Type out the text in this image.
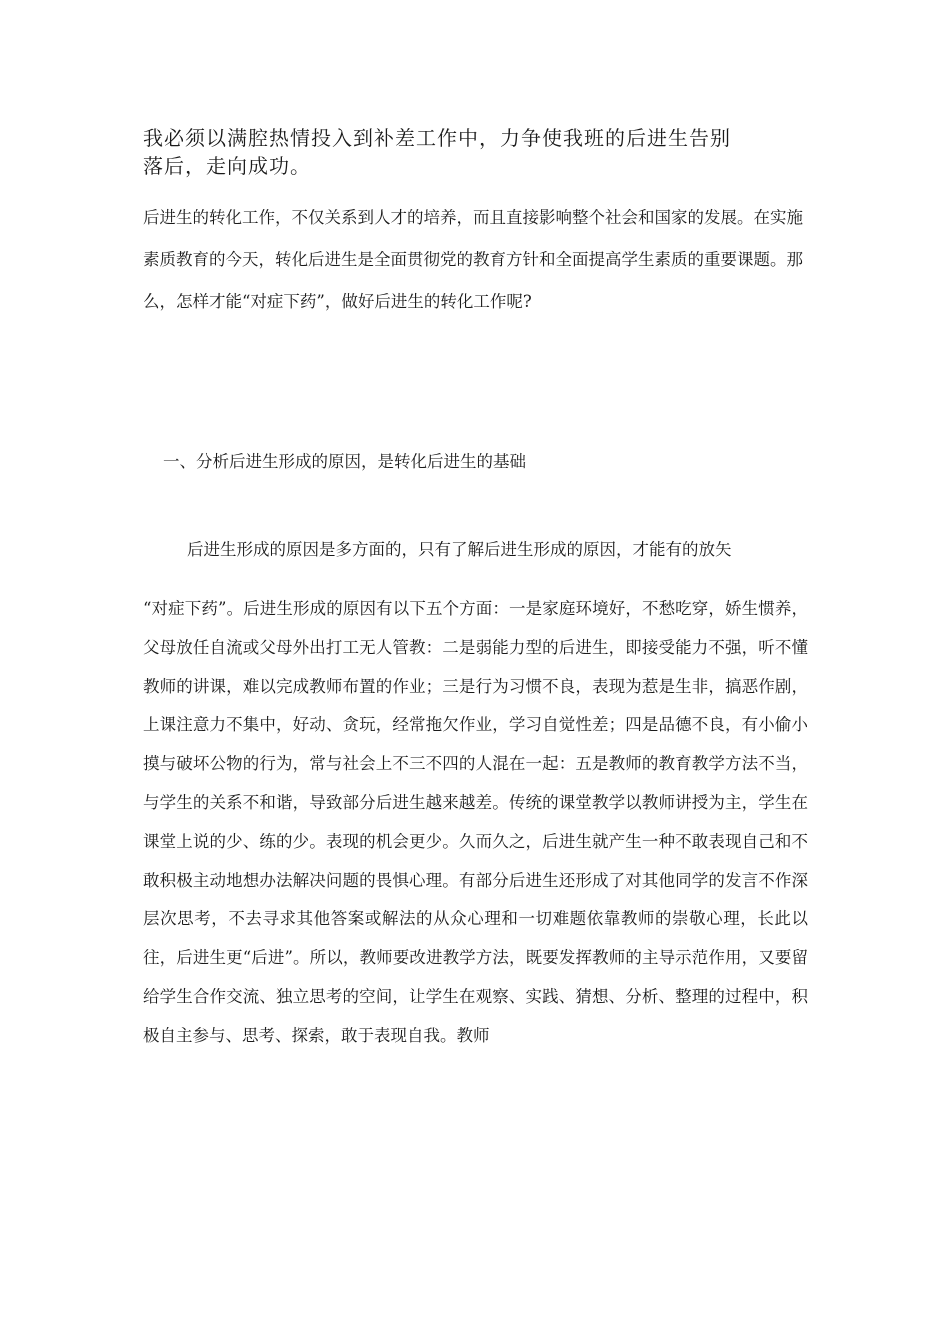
我必须以满腔热情投入到补差工作中，力争使我班的后进生告别
落后，走向成功。

后进生的转化工作，不仅关系到人才的培养，而且直接影响整个社会和国家的发展。在实施素质教育的今天，转化后进生是全面贯彻党的教育方针和全面提高学生素质的重要课题。那么，怎样才能“对症下药”，做好后进生的转化工作呢?

一、分析后进生形成的原因，是转化后进生的基础

后进生形成的原因是多方面的，只有了解后进生形成的原因，才能有的放矢

“对症下药”。后进生形成的原因有以下五个方面：一是家庭环境好，不愁吃穿，娇生惯养，父母放任自流或父母外出打工无人管教：二是弱能力型的后进生，即接受能力不强，听不懂教师的讲课，难以完成教师布置的作业；三是行为习惯不良，表现为惹是生非，搞恶作剧，上课注意力不集中，好动、贪玩，经常拖欠作业，学习自觉性差；四是品德不良，有小偷小摸与破坏公物的行为，常与社会上不三不四的人混在一起：五是教师的教育教学方法不当，与学生的关系不和谐，导致部分后进生越来越差。传统的课堂教学以教师讲授为主，学生在课堂上说的少、练的少。表现的机会更少。久而久之，后进生就产生一种不敢表现自己和不敢积极主动地想办法解决问题的畏惧心理。有部分后进生还形成了对其他同学的发言不作深层次思考，不去寻求其他答案或解法的从众心理和一切难题依靠教师的崇敬心理，长此以往，后进生更“后进”。所以，教师要改进教学方法，既要发挥教师的主导示范作用，又要留给学生合作交流、独立思考的空间，让学生在观察、实践、猜想、分析、整理的过程中，积极自主参与、思考、探索，敢于表现自我。教师
